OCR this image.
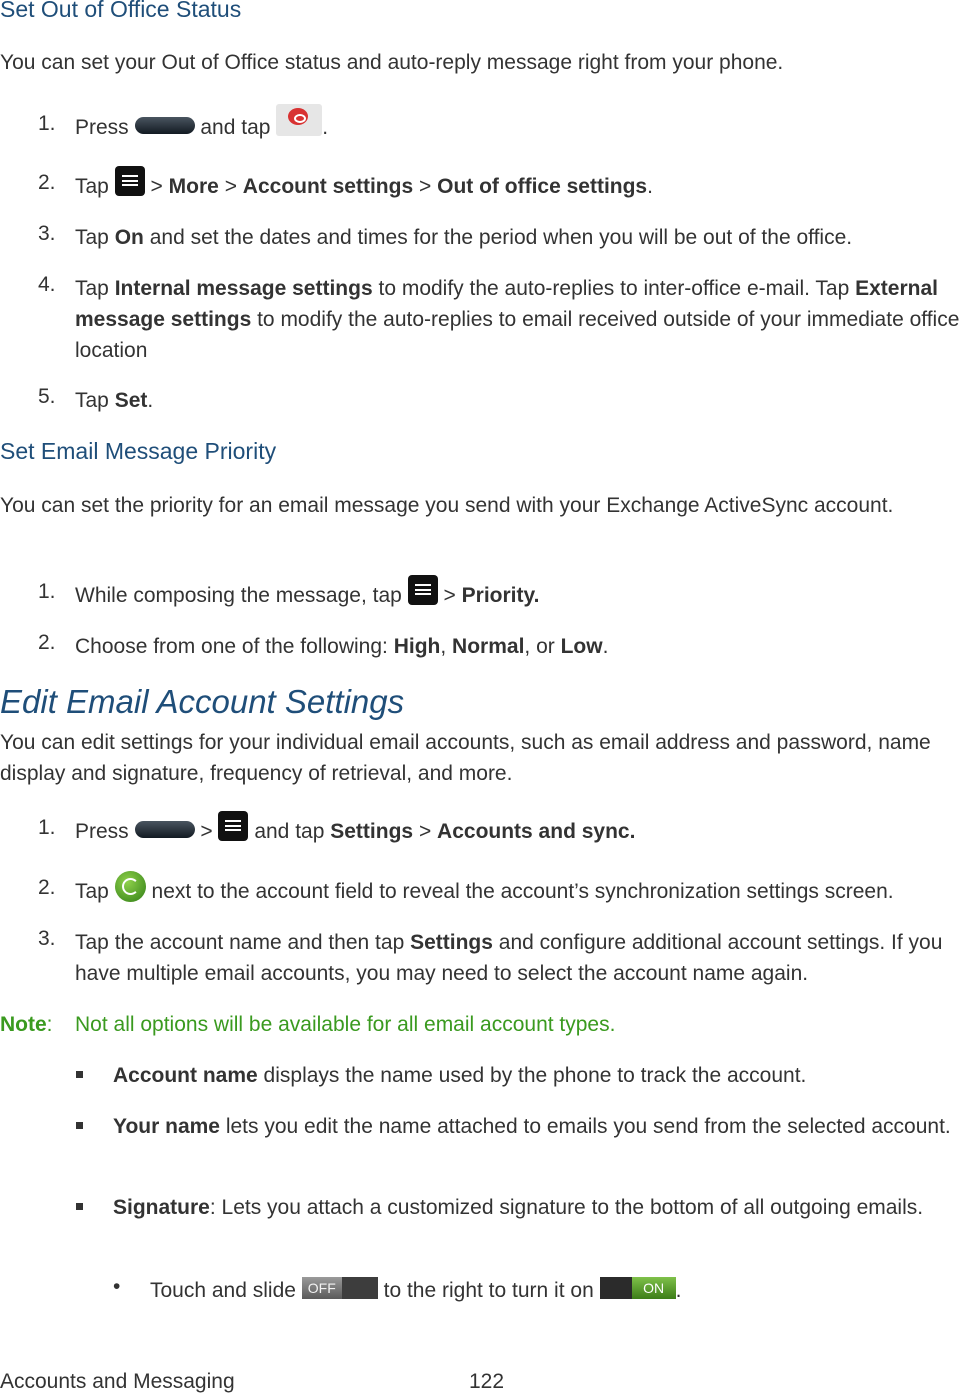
Set Out of Office Status
You can set your Out of Office status and auto-reply message right from your phone.
1. Press	and tap .
2. Tap > More > Account settings > Out of office settings.
3. Tap On and set the dates and times for the period when you will be out of the office.
4. Tap Internal message settings to modify the auto-replies to inter-office e-mail. Tap External message settings to modify the auto-replies to email received outside of your immediate office location
5. Tap Set.
Set Email Message Priority
You can set the priority for an email message you send with your Exchange ActiveSync account.
1. While composing the message, tap > Priority.
2. Choose from one of the following: High, Normal, or Low.
Edit Email Account Settings
You can edit settings for your individual email accounts, such as email address and password, name display and signature, frequency of retrieval, and more.
1. Press	> and tap Settings > Accounts and sync.
2. Tap next to the account field to reveal the account’s synchronization settings screen.
3. Tap the account name and then tap Settings and configure additional account settings. If you have multiple email accounts, you may need to select the account name again.
Note: Not all options will be available for all email account types.
Account name displays the name used by the phone to track the account.
Your name lets you edit the name attached to emails you send from the selected account.
Signature: Lets you attach a customized signature to the bottom of all outgoing emails.
• Touch and slide OFF to the right to turn it on	ON .
Accounts and Messaging	122
